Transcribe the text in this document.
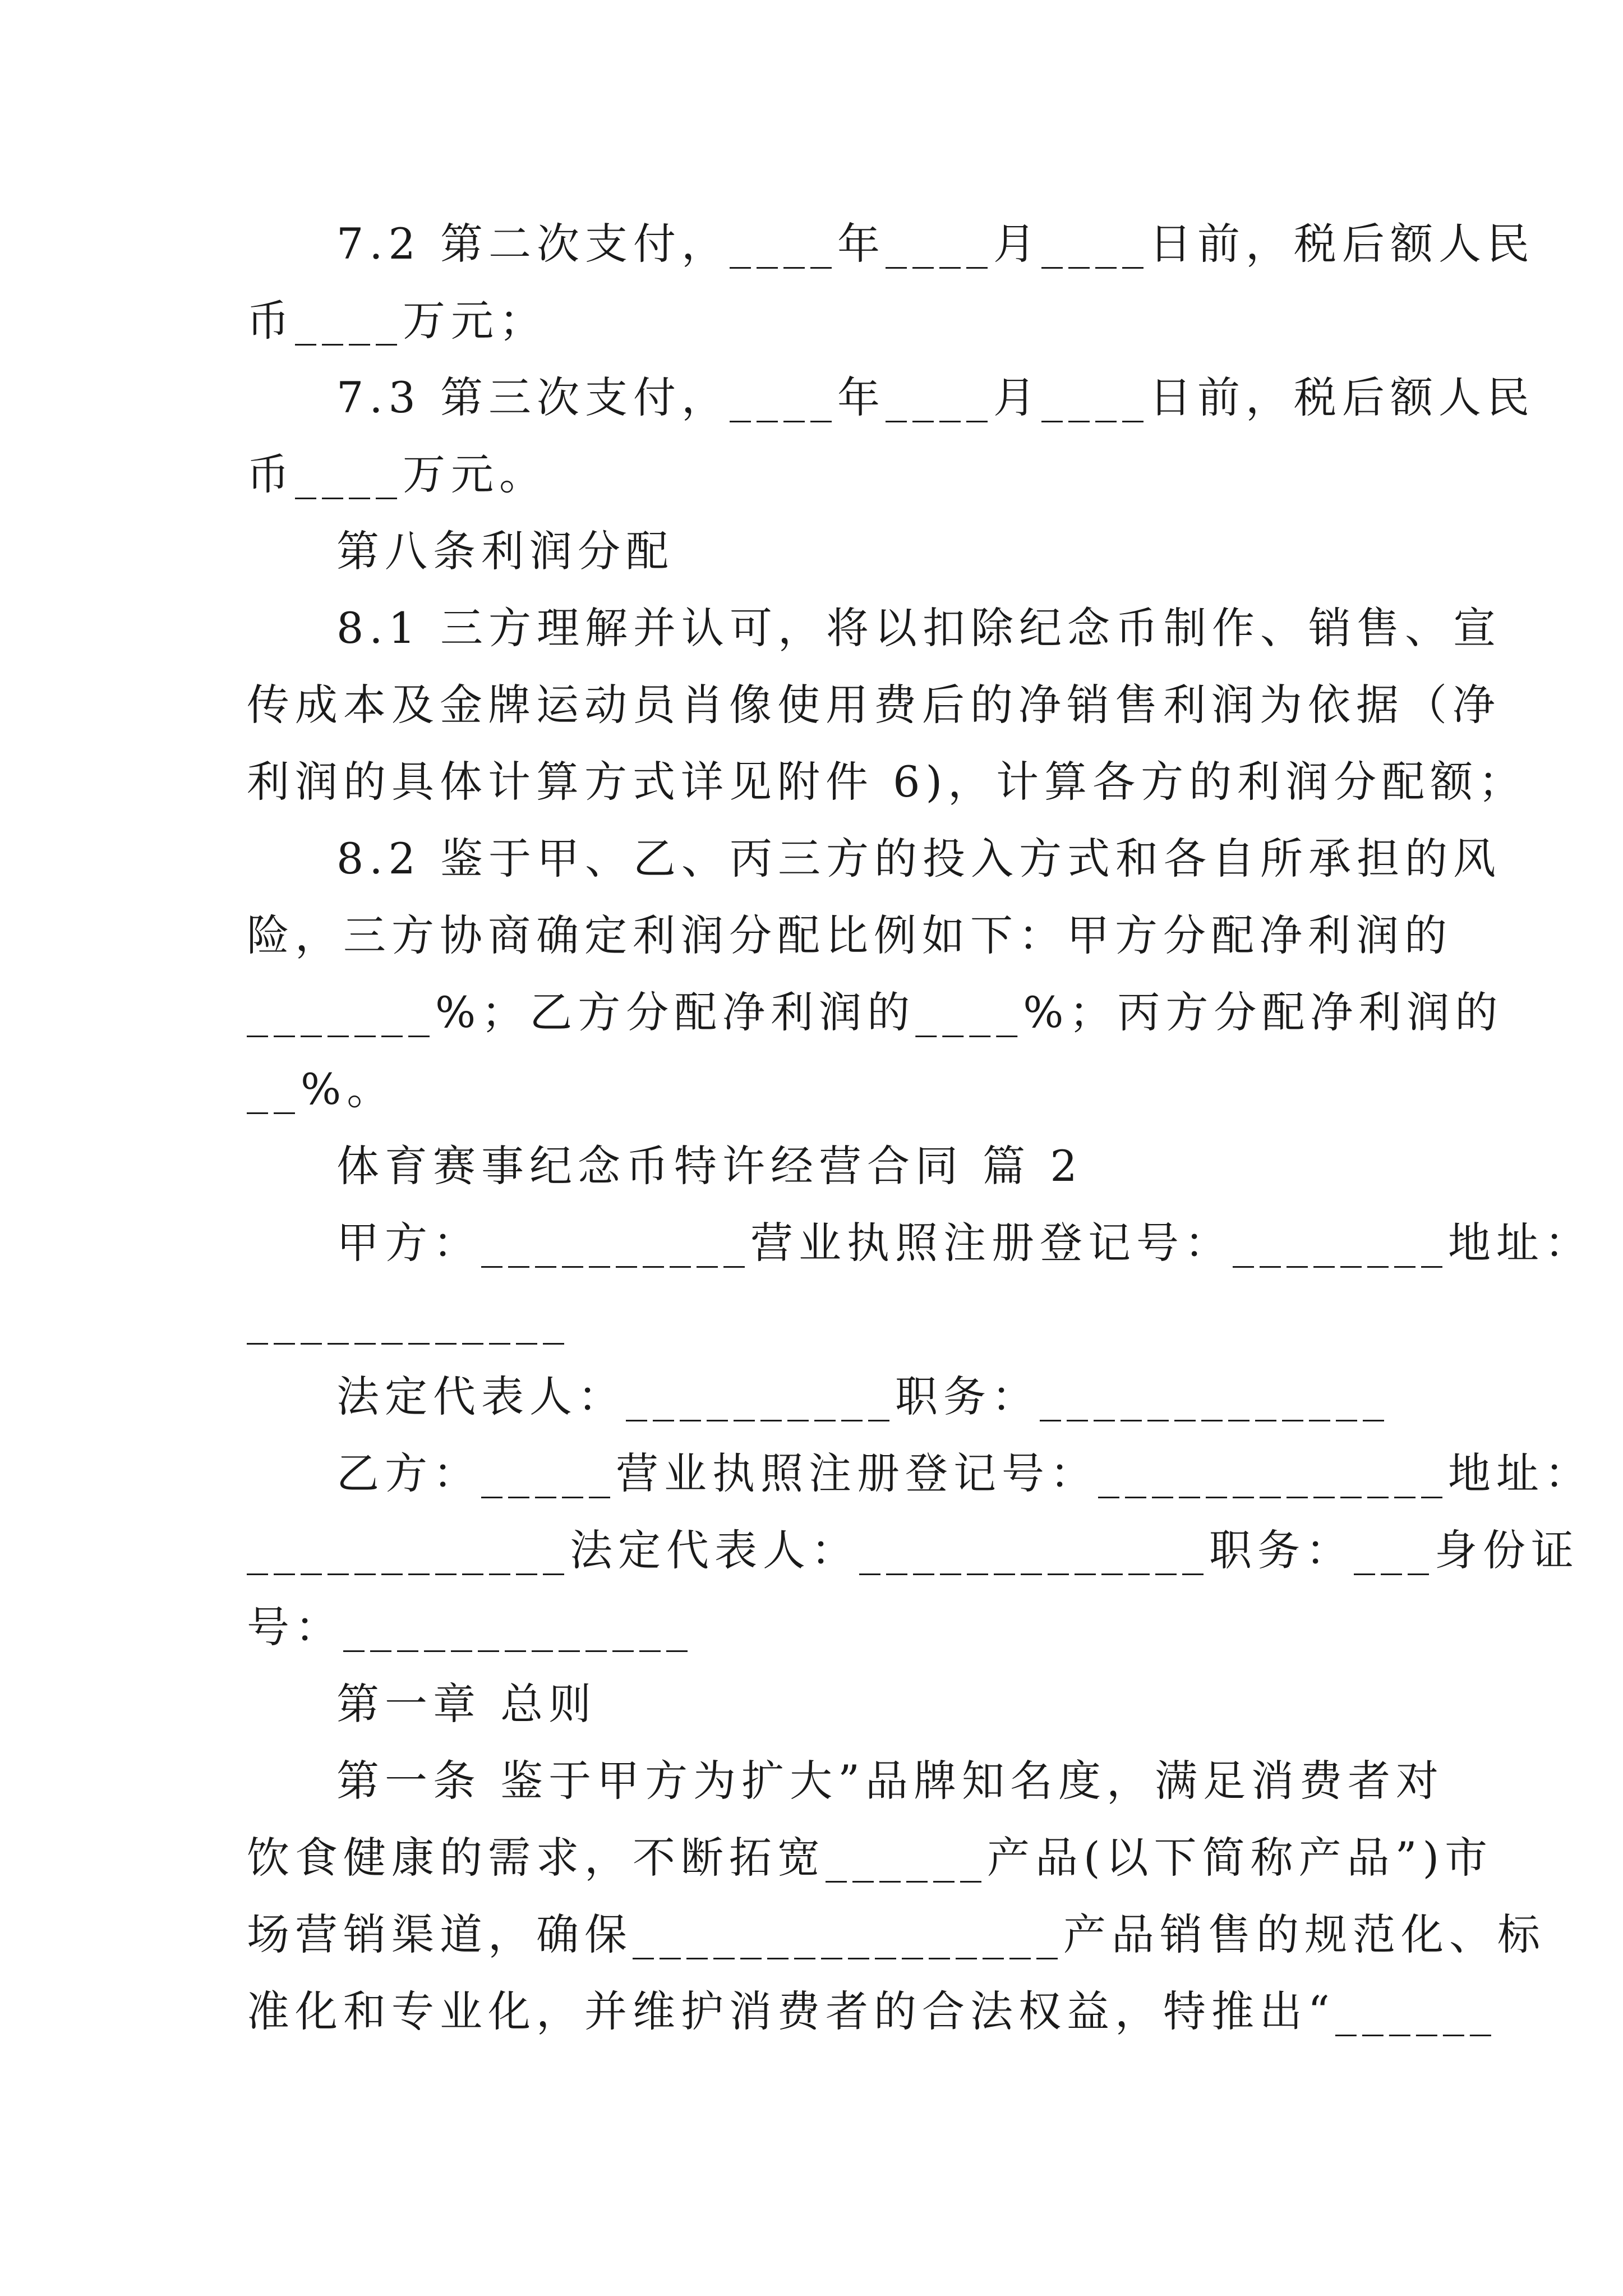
7.2 第二次支付，____年____月____日前，税后额人民
币____万元；
7.3 第三次支付，____年____月____日前，税后额人民
币____万元。
第八条利润分配
8.1 三方理解并认可，将以扣除纪念币制作、销售、宣
传成本及金牌运动员肖像使用费后的净销售利润为依据（净
利润的具体计算方式详见附件 6)，计算各方的利润分配额；
8.2 鉴于甲、乙、丙三方的投入方式和各自所承担的风
险，三方协商确定利润分配比例如下：甲方分配净利润的
_______%；乙方分配净利润的____%；丙方分配净利润的
__%。
体育赛事纪念币特许经营合同 篇 2
甲方：__________营业执照注册登记号：________地址：
____________
法定代表人：__________职务：_____________
乙方：_____营业执照注册登记号：_____________地址：
____________法定代表人：_____________职务：___身份证
号：_____________
第一章 总则
第一条 鉴于甲方为扩大”品牌知名度，满足消费者对
饮食健康的需求，不断拓宽______产品(以下简称产品”)市
场营销渠道，确保________________产品销售的规范化、标
准化和专业化，并维护消费者的合法权益，特推出“______
